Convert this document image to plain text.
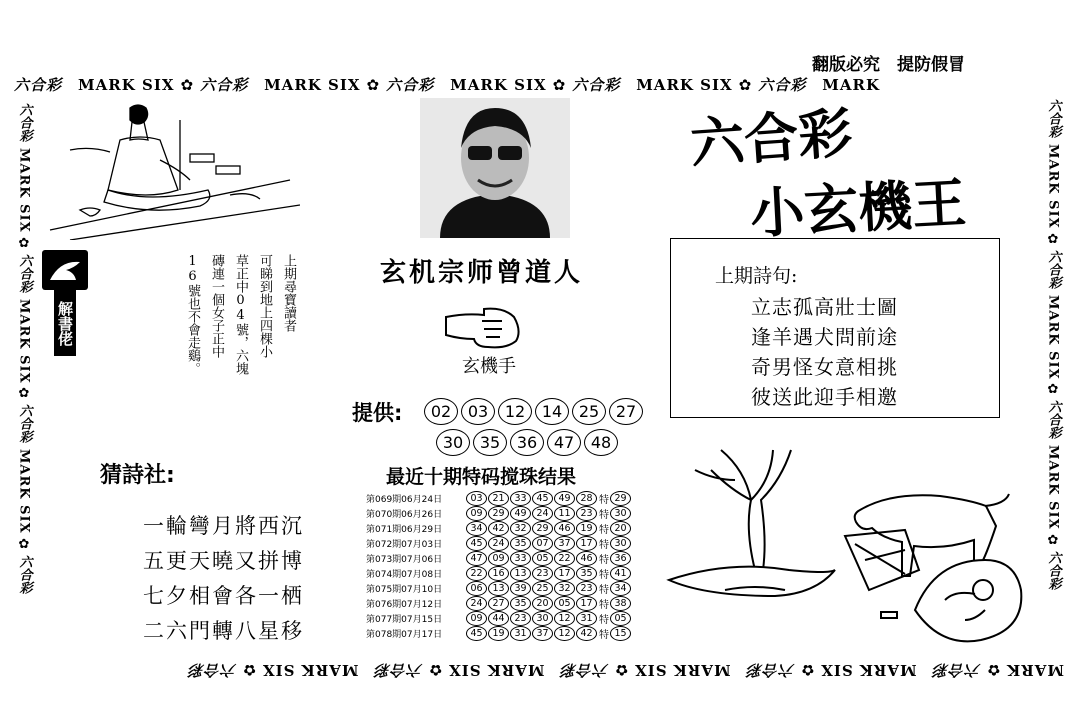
翻版必究　提防假冒
六合彩 MARK SIX ✿ 六合彩 MARK SIX ✿ 六合彩 MARK SIX ✿ 六合彩 MARK SIX ✿ 六合彩 MARK
MARK✿六合彩MARK SIX✿六合彩MARK SIX✿六合彩MARK SIX✿六合彩MARK SIX✿六合彩
六合彩
MARK SIX
✿
六合彩
MARK SIX
✿
六合彩
MARK SIX
✿
六合彩
六合彩
MARK SIX
✿
六合彩
MARK SIX
✿
六合彩
MARK SIX
✿
六合彩
上期尋寶讀者
可睇到地上四棵小
草正中04號，六塊
磚連一個女子正中
16號也不會走鷄。
解書佬
猜詩社:
一輪彎月將西沉
五更天曉又拼博
七夕相會各一栖
二六門轉八星移
玄机宗师曾道人
玄機手
提供:	02 03 12 14 25 27
30 35 36 47 48
最近十期特码搅珠结果
第069期06月24日	03	21	33	45	49	28 特 29
第070期06月26日	09	29	49	24	11	23 特 30
第071期06月29日	34	42	32	29	46	19 特 20
第072期07月03日	45	24	35	07	37	17 特 30
第073期07月06日	47	09	33	05	22	46 特 36
第074期07月08日	22	16	13	23	17	35 特 41
第075期07月10日	06	13	39	25	32	23 特 34
第076期07月12日	24	27	35	20	05	17 特 38
第077期07月15日	09	44	23	30	12	31 特 05
第078期07月17日	45	19	31	37	12	42 特 15
六合彩
小玄機王
上期詩句:
立志孤高壯士圖
逢羊遇犬問前途
奇男怪女意相挑
彼送此迎手相邀
